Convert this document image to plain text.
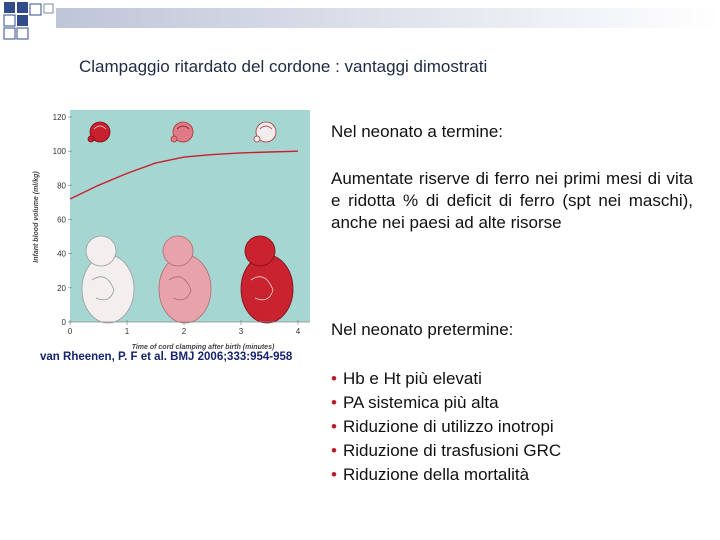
Clampaggio ritardato del cordone : vantaggi dimostrati
0
20
40
60
80
100
120
0	1	2	3	4
Infant blood volume (ml/kg)
Time of cord clamping after birth (minutes)
van Rheenen, P. F et al. BMJ 2006;333:954-958
Nel neonato a termine:
Aumentate riserve di ferro nei primi mesi di vita e ridotta % di deficit di ferro (spt nei maschi), anche nei paesi ad alte risorse
Nel neonato pretermine:
• Hb e Ht più elevati
• PA sistemica più alta
• Riduzione di utilizzo inotropi
• Riduzione di trasfusioni GRC
• Riduzione della mortalità
